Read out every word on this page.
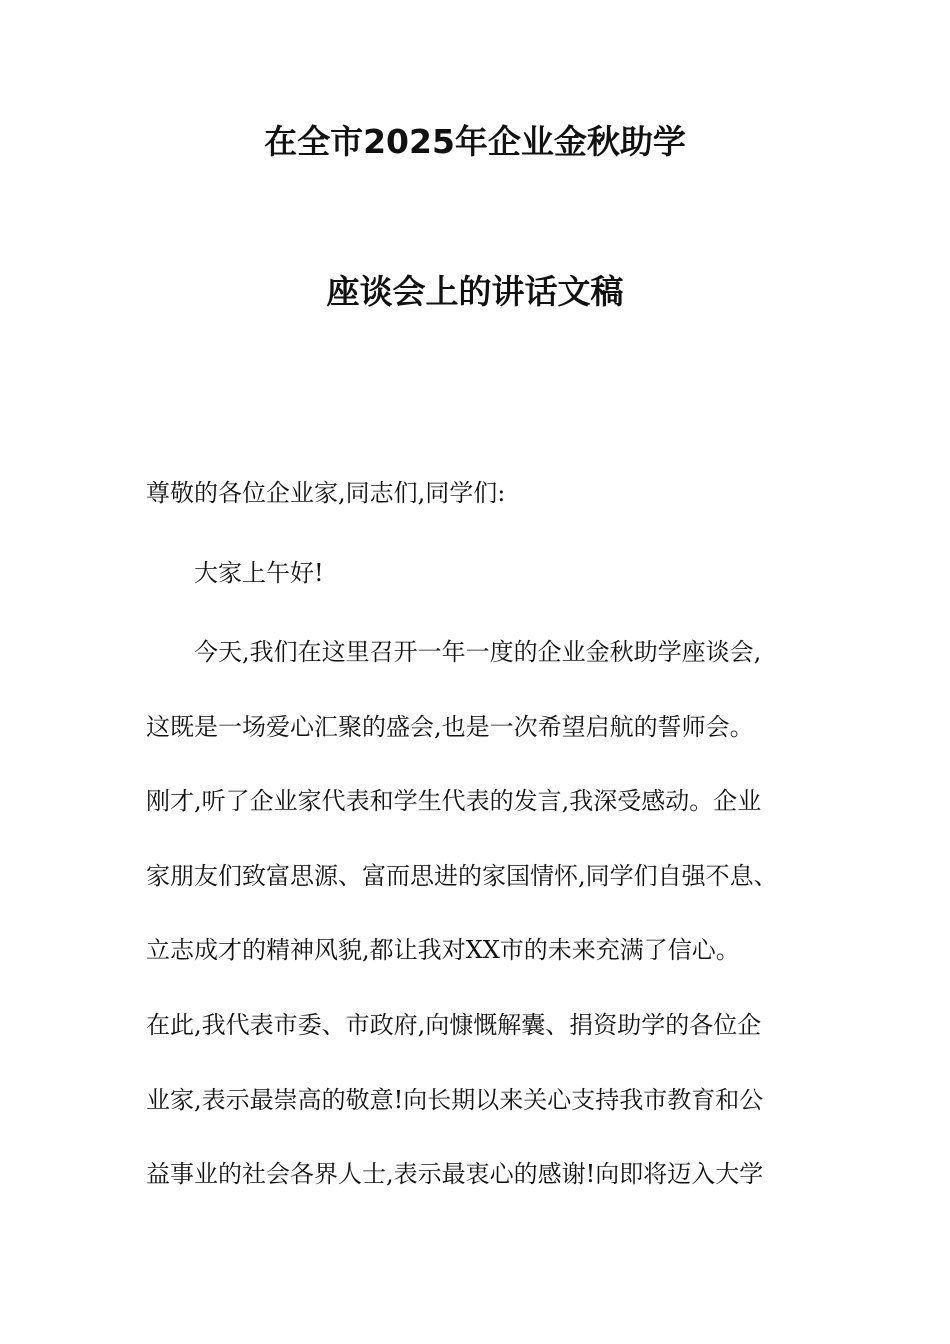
在全市2025年企业金秋助学
座谈会上的讲话文稿

尊敬的各位企业家,同志们,同学们:

大家上午好!

今天,我们在这里召开一年一度的企业金秋助学座谈会,

这既是一场爱心汇聚的盛会,也是一次希望启航的誓师会。

刚才,听了企业家代表和学生代表的发言,我深受感动。企业

家朋友们致富思源、富而思进的家国情怀,同学们自强不息、

立志成才的精神风貌,都让我对XX市的未来充满了信心。

在此,我代表市委、市政府,向慷慨解囊、捐资助学的各位企

业家,表示最崇高的敬意!向长期以来关心支持我市教育和公

益事业的社会各界人士,表示最衷心的感谢!向即将迈入大学
